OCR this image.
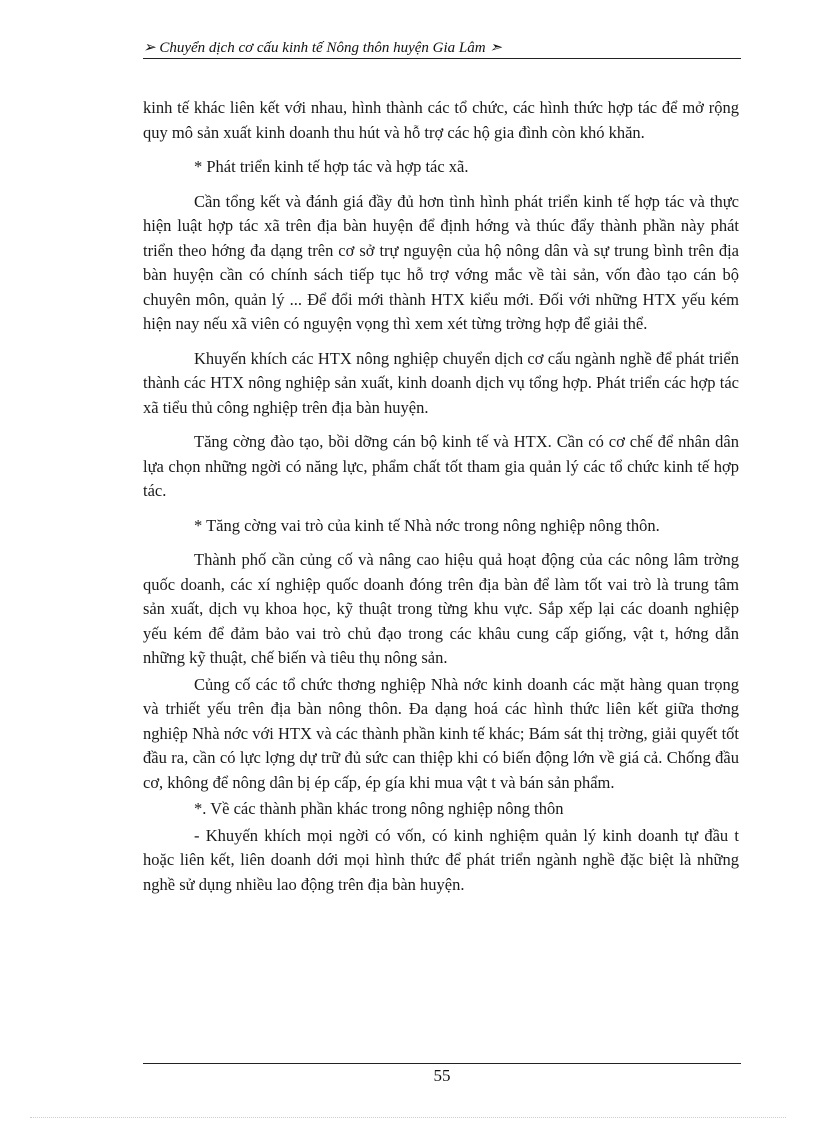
➢ Chuyển dịch cơ cấu kinh tế Nông thôn huyện Gia Lâm ➣

kinh tế khác liên kết với nhau, hình thành các tổ chức, các hình thức hợp tác để mở rộng quy mô sản xuất kinh doanh thu hút và hỗ trợ các hộ gia đình còn khó khăn.

* Phát triển kinh tế hợp tác và hợp tác xã.

Cần tổng kết và đánh giá đầy đủ hơn tình hình phát triển kinh tế hợp tác và thực hiện luật hợp tác xã trên địa bàn huyện để định hớng và thúc đẩy thành phần này phát triển theo hớng đa dạng trên cơ sở trự nguyện của hộ nông dân và sự trung bình trên địa bàn huyện cần có chính sách tiếp tục hỗ trợ vớng mắc về tài sản, vốn đào tạo cán bộ chuyên môn, quản lý ... Để đổi mới thành HTX kiểu mới. Đối với những HTX yếu kém hiện nay nếu xã viên có nguyện vọng thì xem xét từng trờng hợp để giải thể.

Khuyến khích các HTX nông nghiệp chuyển dịch cơ cấu ngành nghề để phát triển thành các HTX nông nghiệp sản xuất, kinh doanh dịch vụ tổng hợp. Phát triển các hợp tác xã tiểu thủ công nghiệp trên địa bàn huyện.

Tăng cờng đào tạo, bồi dỡng cán bộ kinh tế và HTX. Cần có cơ chế để nhân dân lựa chọn những ngời có năng lực, phẩm chất tốt tham gia quản lý các tổ chức kinh tế hợp tác.

* Tăng cờng vai trò của kinh tế Nhà nớc trong nông nghiệp nông thôn.

Thành phố cần củng cố và nâng cao hiệu quả hoạt động của các nông lâm trờng quốc doanh, các xí nghiệp quốc doanh đóng trên địa bàn để làm tốt vai trò là trung tâm sản xuất, dịch vụ khoa học, kỹ thuật trong từng khu vực. Sắp xếp lại các doanh nghiệp yếu kém để đảm bảo vai trò chủ đạo trong các khâu cung cấp giống, vật t, hớng dẫn những kỹ thuật, chế biến và tiêu thụ nông sản.

Củng cố các tổ chức thơng nghiệp Nhà nớc kinh doanh các mặt hàng quan trọng và trhiết yếu trên địa bàn nông thôn. Đa dạng hoá các hình thức liên kết giữa thơng nghiệp Nhà nớc với HTX và các thành phần kinh tế khác; Bám sát thị trờng, giải quyết tốt đầu ra, cần có lực lợng dự trữ đủ sức can thiệp khi có biến động lớn về giá cả. Chống đầu cơ, không để nông dân bị ép cấp, ép gía khi mua vật t và bán sản phẩm.

*. Về các thành phần khác trong nông nghiệp nông thôn

- Khuyến khích mọi ngời có vốn, có kinh nghiệm quản lý kinh doanh tự đầu t hoặc liên kết, liên doanh dới mọi hình thức để phát triển ngành nghề đặc biệt là những nghề sử dụng nhiều lao động trên địa bàn huyện.

55
